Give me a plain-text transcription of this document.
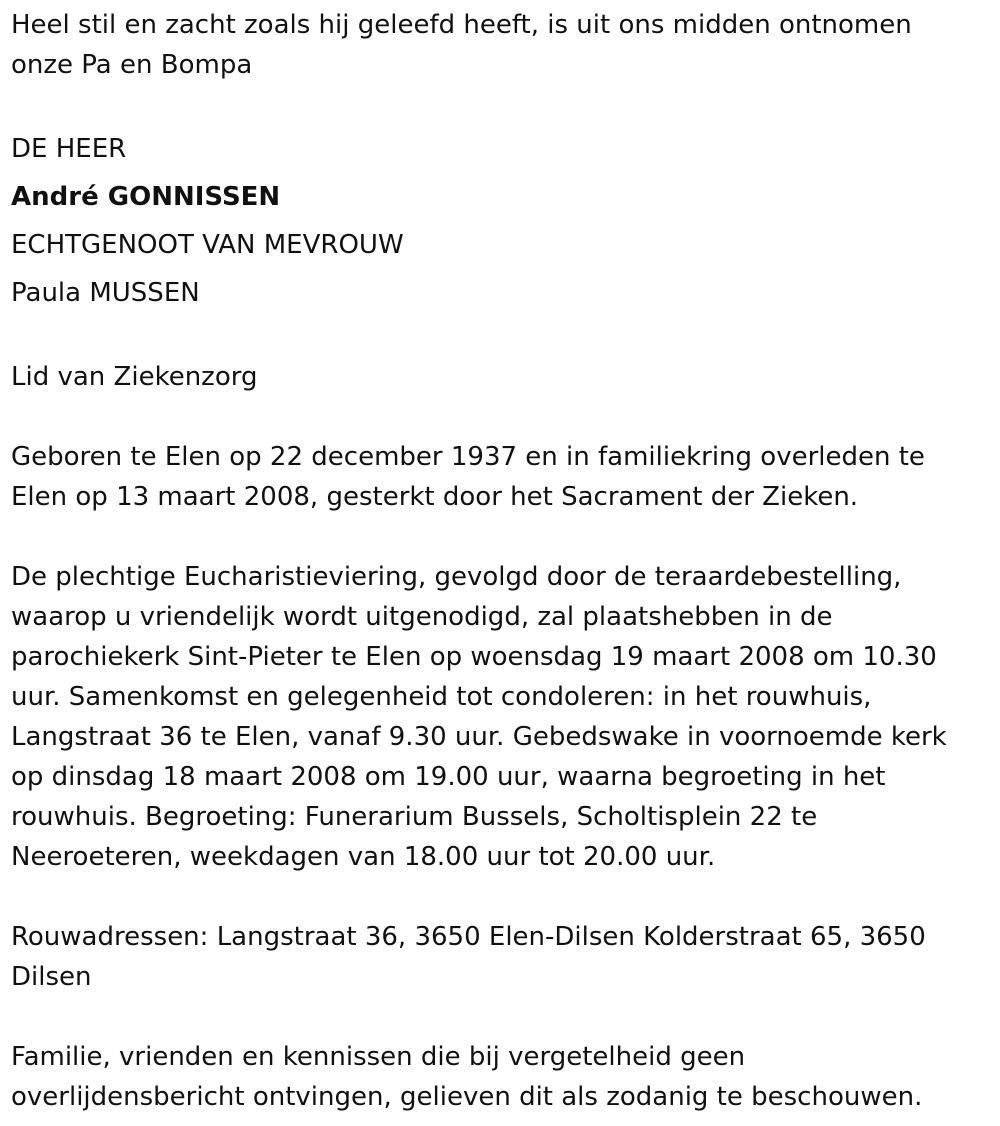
Heel stil en zacht zoals hij geleefd heeft, is uit ons midden ontnomen onze Pa en Bompa

DE HEER

André GONNISSEN

ECHTGENOOT VAN MEVROUW

Paula MUSSEN

Lid van Ziekenzorg

Geboren te Elen op 22 december 1937 en in familiekring overleden te Elen op 13 maart 2008, gesterkt door het Sacrament der Zieken.

De plechtige Eucharistieviering, gevolgd door de teraardebestelling, waarop u vriendelijk wordt uitgenodigd, zal plaatshebben in de parochiekerk Sint-Pieter te Elen op woensdag 19 maart 2008 om 10.30 uur. Samenkomst en gelegenheid tot condoleren: in het rouwhuis, Langstraat 36 te Elen, vanaf 9.30 uur. Gebedswake in voornoemde kerk op dinsdag 18 maart 2008 om 19.00 uur, waarna begroeting in het rouwhuis. Begroeting: Funerarium Bussels, Scholtisplein 22 te Neeroeteren, weekdagen van 18.00 uur tot 20.00 uur.

Rouwadressen: Langstraat 36, 3650 Elen-Dilsen Kolderstraat 65, 3650 Dilsen

Familie, vrienden en kennissen die bij vergetelheid geen overlijdensbericht ontvingen, gelieven dit als zodanig te beschouwen.
